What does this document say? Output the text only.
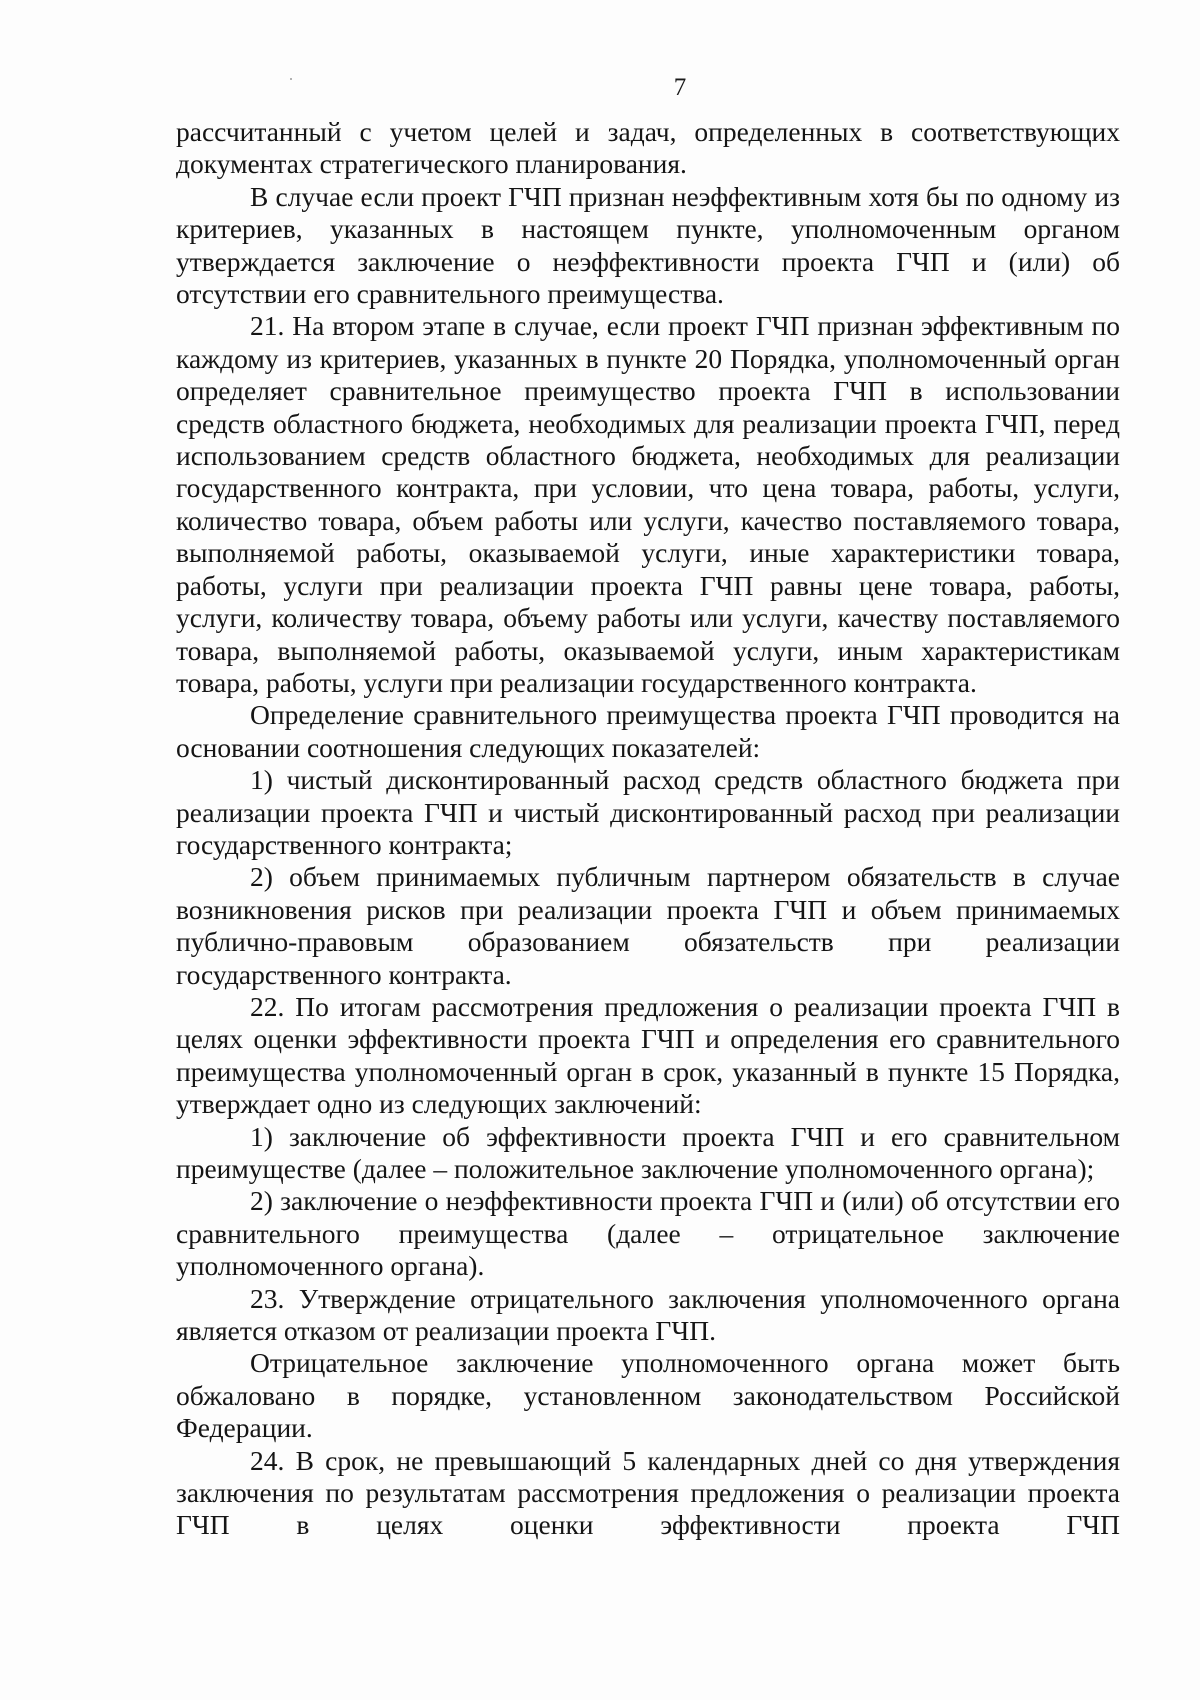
7

рассчитанный с учетом целей и задач, определенных в соответствующих документах стратегического планирования.

В случае если проект ГЧП признан неэффективным хотя бы по одному из критериев, указанных в настоящем пункте, уполномоченным органом утверждается заключение о неэффективности проекта ГЧП и (или) об отсутствии его сравнительного преимущества.

21. На втором этапе в случае, если проект ГЧП признан эффективным по каждому из критериев, указанных в пункте 20 Порядка, уполномоченный орган определяет сравнительное преимущество проекта ГЧП в использовании средств областного бюджета, необходимых для реализации проекта ГЧП, перед использованием средств областного бюджета, необходимых для реализации государственного контракта, при условии, что цена товара, работы, услуги, количество товара, объем работы или услуги, качество поставляемого товара, выполняемой работы, оказываемой услуги, иные характеристики товара, работы, услуги при реализации проекта ГЧП равны цене товара, работы, услуги, количеству товара, объему работы или услуги, качеству поставляемого товара, выполняемой работы, оказываемой услуги, иным характеристикам товара, работы, услуги при реализации государственного контракта.

Определение сравнительного преимущества проекта ГЧП проводится на основании соотношения следующих показателей:

1) чистый дисконтированный расход средств областного бюджета при реализации проекта ГЧП и чистый дисконтированный расход при реализации государственного контракта;

2) объем принимаемых публичным партнером обязательств в случае возникновения рисков при реализации проекта ГЧП и объем принимаемых публично-правовым образованием обязательств при реализации государственного контракта.

22. По итогам рассмотрения предложения о реализации проекта ГЧП в целях оценки эффективности проекта ГЧП и определения его сравнительного преимущества уполномоченный орган в срок, указанный в пункте 15 Порядка, утверждает одно из следующих заключений:

1) заключение об эффективности проекта ГЧП и его сравнительном преимуществе (далее – положительное заключение уполномоченного органа);

2) заключение о неэффективности проекта ГЧП и (или) об отсутствии его сравнительного преимущества (далее – отрицательное заключение уполномоченного органа).

23. Утверждение отрицательного заключения уполномоченного органа является отказом от реализации проекта ГЧП.

Отрицательное заключение уполномоченного органа может быть обжаловано в порядке, установленном законодательством Российской Федерации.

24. В срок, не превышающий 5 календарных дней со дня утверждения заключения по результатам рассмотрения предложения о реализации проекта ГЧП в целях оценки эффективности проекта ГЧП
